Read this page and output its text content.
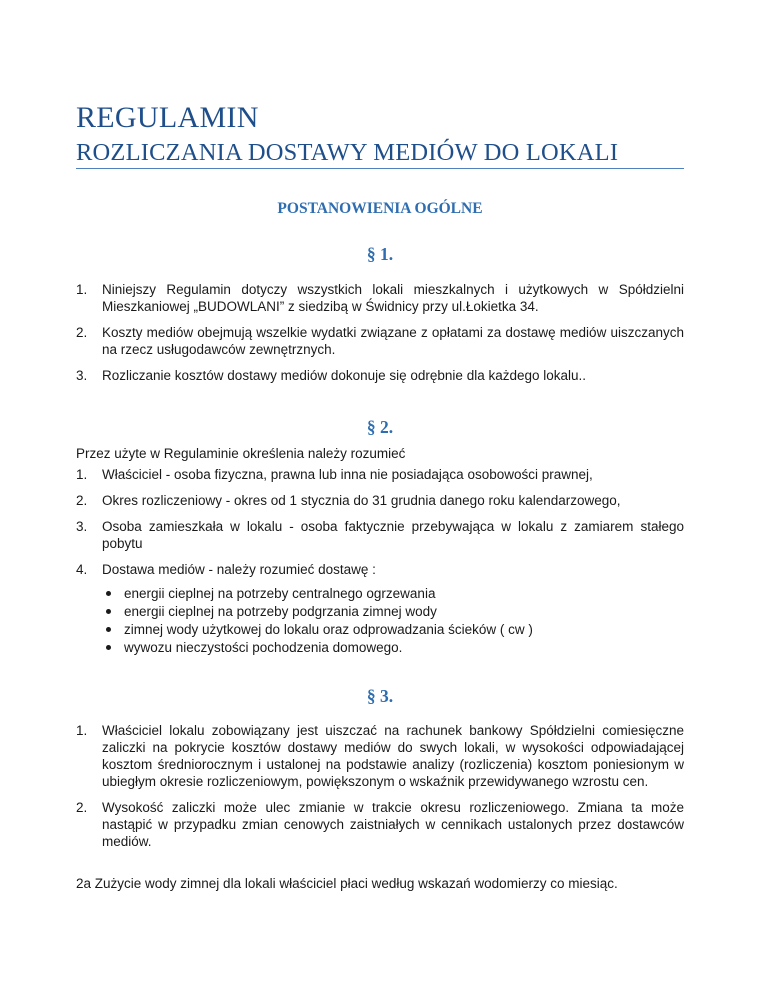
REGULAMIN
ROZLICZANIA DOSTAWY MEDIÓW DO LOKALI
POSTANOWIENIA OGÓLNE
§ 1.
1. Niniejszy Regulamin dotyczy wszystkich lokali mieszkalnych i użytkowych w Spółdzielni Mieszkaniowej „BUDOWLANI” z siedzibą w Świdnicy przy ul.Łokietka 34.
2. Koszty mediów obejmują wszelkie wydatki związane z opłatami za dostawę mediów uiszczanych na rzecz usługodawców zewnętrznych.
3. Rozliczanie kosztów dostawy mediów dokonuje się odrębnie dla każdego lokalu..
§ 2.

Przez użyte w Regulaminie określenia należy rozumieć

1. Właściciel - osoba fizyczna, prawna lub inna nie posiadająca osobowości prawnej,
2. Okres rozliczeniowy - okres od 1 stycznia do 31 grudnia danego roku kalendarzowego,
3. Osoba zamieszkała w lokalu - osoba faktycznie przebywająca w lokalu z zamiarem stałego pobytu
4. Dostawa mediów - należy rozumieć dostawę :
energii cieplnej na potrzeby centralnego ogrzewania
energii cieplnej na potrzeby podgrzania zimnej wody
zimnej wody użytkowej do lokalu oraz odprowadzania ścieków ( cw )
wywozu nieczystości pochodzenia domowego.
§ 3.
1. Właściciel lokalu zobowiązany jest uiszczać na rachunek bankowy Spółdzielni comiesięczne zaliczki na pokrycie kosztów dostawy mediów do swych lokali, w wysokości odpowiadającej kosztom średniorocznym i ustalonej na podstawie analizy (rozliczenia) kosztom poniesionym w ubiegłym okresie rozliczeniowym, powiększonym o wskaźnik przewidywanego wzrostu cen.
2. Wysokość zaliczki może ulec zmianie w trakcie okresu rozliczeniowego. Zmiana ta może nastąpić w przypadku zmian cenowych zaistniałych w cennikach ustalonych przez dostawców mediów.

2a Zużycie wody zimnej dla lokali właściciel płaci według wskazań wodomierzy co miesiąc.
